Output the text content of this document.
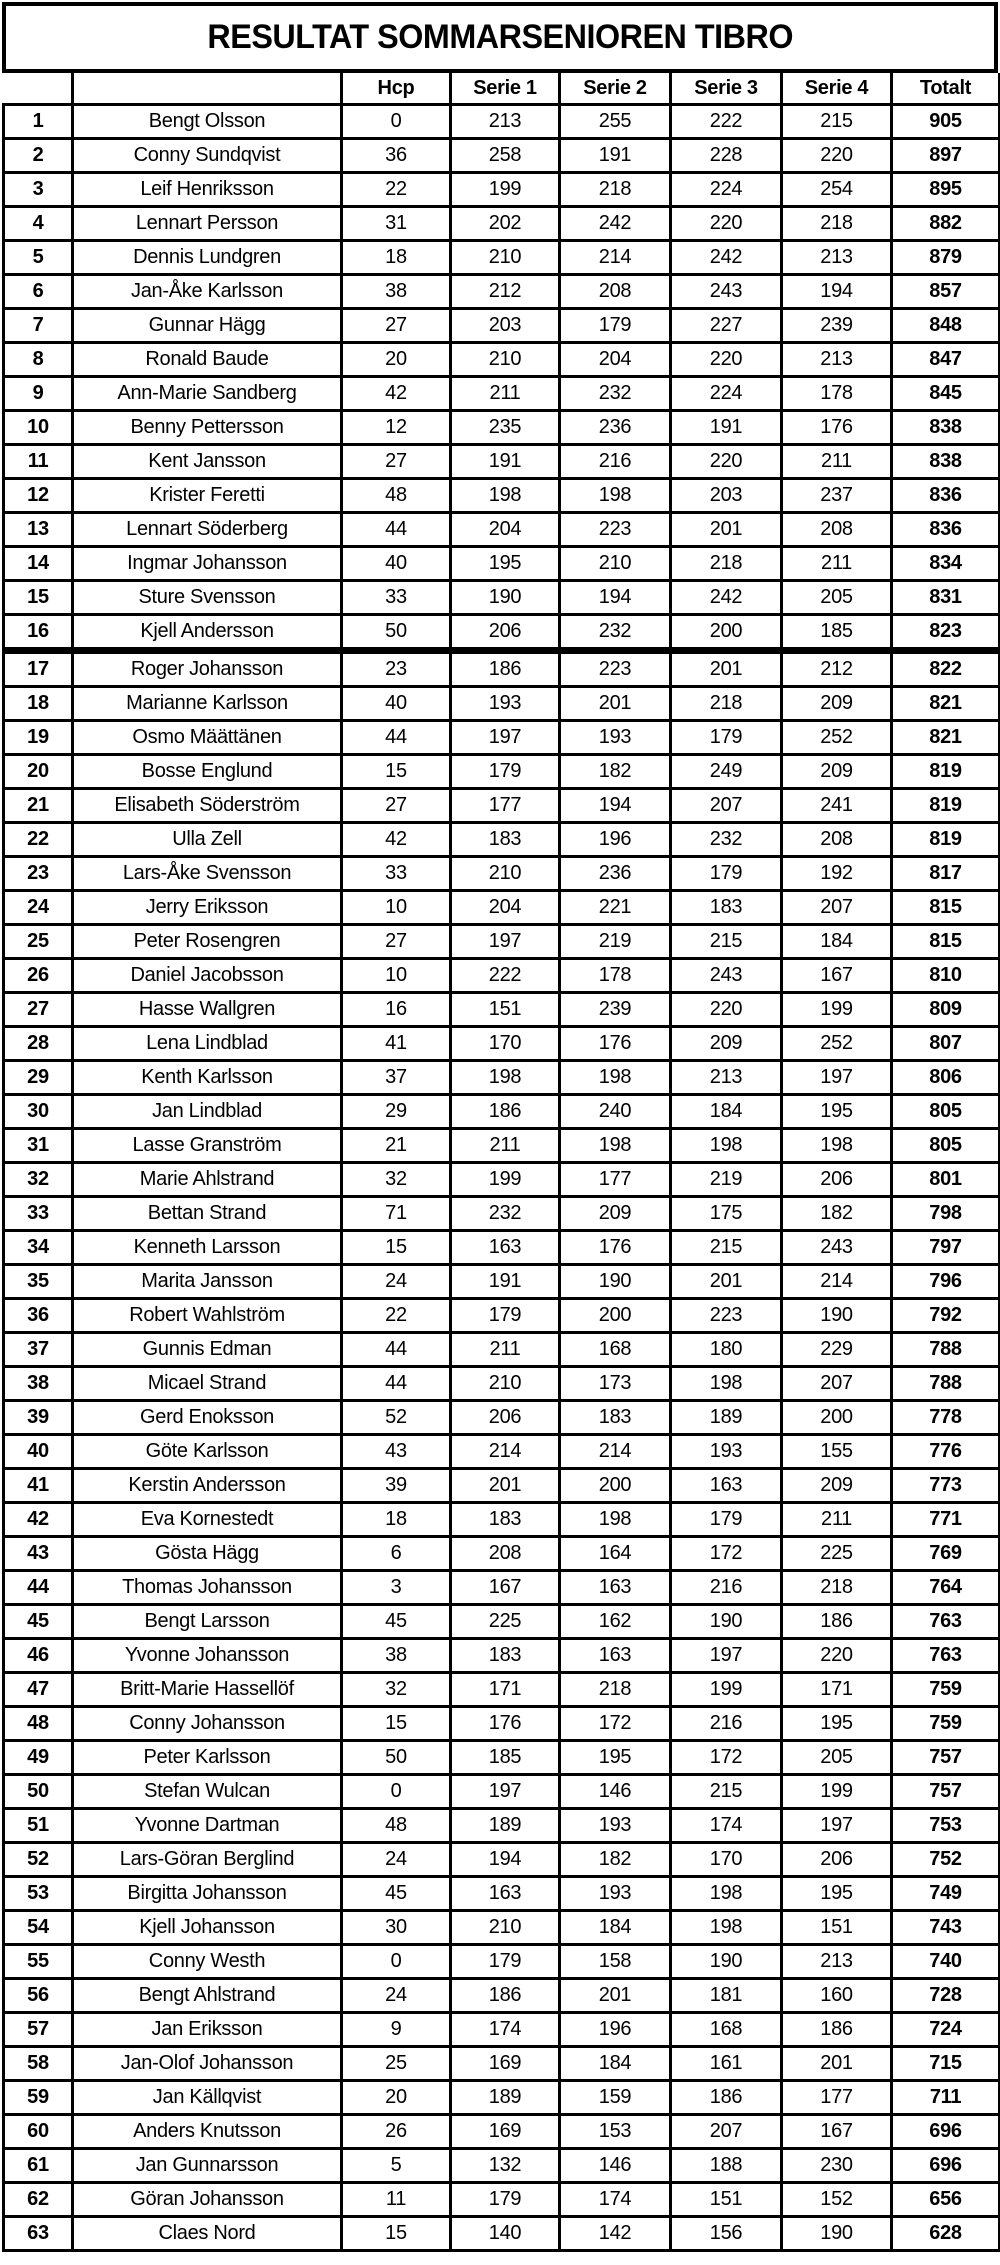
RESULTAT SOMMARSENIOREN TIBRO
		Hcp	Serie 1	Serie 2	Serie 3	Serie 4	Totalt
1	Bengt Olsson	0	213	255	222	215	905
2	Conny Sundqvist	36	258	191	228	220	897
3	Leif Henriksson	22	199	218	224	254	895
4	Lennart Persson	31	202	242	220	218	882
5	Dennis Lundgren	18	210	214	242	213	879
6	Jan-Åke Karlsson	38	212	208	243	194	857
7	Gunnar Hägg	27	203	179	227	239	848
8	Ronald Baude	20	210	204	220	213	847
9	Ann-Marie Sandberg	42	211	232	224	178	845
10	Benny Pettersson	12	235	236	191	176	838
11	Kent Jansson	27	191	216	220	211	838
12	Krister Feretti	48	198	198	203	237	836
13	Lennart Söderberg	44	204	223	201	208	836
14	Ingmar Johansson	40	195	210	218	211	834
15	Sture Svensson	33	190	194	242	205	831
16	Kjell Andersson	50	206	232	200	185	823
17	Roger Johansson	23	186	223	201	212	822
18	Marianne Karlsson	40	193	201	218	209	821
19	Osmo Määttänen	44	197	193	179	252	821
20	Bosse Englund	15	179	182	249	209	819
21	Elisabeth Söderström	27	177	194	207	241	819
22	Ulla Zell	42	183	196	232	208	819
23	Lars-Åke Svensson	33	210	236	179	192	817
24	Jerry Eriksson	10	204	221	183	207	815
25	Peter Rosengren	27	197	219	215	184	815
26	Daniel Jacobsson	10	222	178	243	167	810
27	Hasse Wallgren	16	151	239	220	199	809
28	Lena Lindblad	41	170	176	209	252	807
29	Kenth Karlsson	37	198	198	213	197	806
30	Jan Lindblad	29	186	240	184	195	805
31	Lasse Granström	21	211	198	198	198	805
32	Marie Ahlstrand	32	199	177	219	206	801
33	Bettan Strand	71	232	209	175	182	798
34	Kenneth Larsson	15	163	176	215	243	797
35	Marita Jansson	24	191	190	201	214	796
36	Robert Wahlström	22	179	200	223	190	792
37	Gunnis Edman	44	211	168	180	229	788
38	Micael Strand	44	210	173	198	207	788
39	Gerd Enoksson	52	206	183	189	200	778
40	Göte Karlsson	43	214	214	193	155	776
41	Kerstin Andersson	39	201	200	163	209	773
42	Eva Kornestedt	18	183	198	179	211	771
43	Gösta Hägg	6	208	164	172	225	769
44	Thomas Johansson	3	167	163	216	218	764
45	Bengt Larsson	45	225	162	190	186	763
46	Yvonne Johansson	38	183	163	197	220	763
47	Britt-Marie Hassellöf	32	171	218	199	171	759
48	Conny Johansson	15	176	172	216	195	759
49	Peter Karlsson	50	185	195	172	205	757
50	Stefan Wulcan	0	197	146	215	199	757
51	Yvonne Dartman	48	189	193	174	197	753
52	Lars-Göran Berglind	24	194	182	170	206	752
53	Birgitta Johansson	45	163	193	198	195	749
54	Kjell Johansson	30	210	184	198	151	743
55	Conny Westh	0	179	158	190	213	740
56	Bengt Ahlstrand	24	186	201	181	160	728
57	Jan Eriksson	9	174	196	168	186	724
58	Jan-Olof Johansson	25	169	184	161	201	715
59	Jan Källqvist	20	189	159	186	177	711
60	Anders Knutsson	26	169	153	207	167	696
61	Jan Gunnarsson	5	132	146	188	230	696
62	Göran Johansson	11	179	174	151	152	656
63	Claes Nord	15	140	142	156	190	628
